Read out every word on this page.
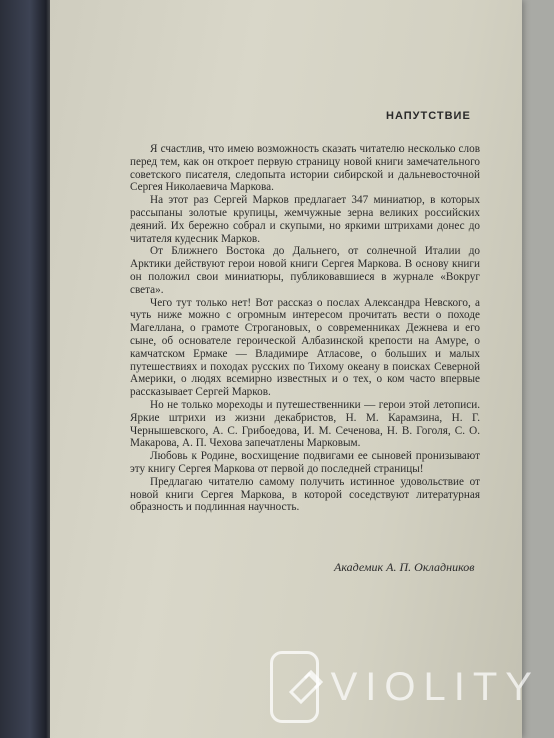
НАПУТСТВИЕ

Я счастлив, что имею возможность сказать читателю несколько слов перед тем, как он откроет первую страницу новой книги замечательного советского писателя, следопыта истории сибирской и дальневосточной Сергея Николаевича Маркова.

На этот раз Сергей Марков предлагает 347 миниатюр, в которых рассыпаны золотые крупицы, жемчужные зерна великих российских деяний. Их бережно собрал и скупыми, но яркими штрихами донес до читателя кудесник Марков.

От Ближнего Востока до Дальнего, от солнечной Италии до Арктики действуют герои новой книги Сергея Маркова. В основу книги он положил свои миниатюры, публиковавшиеся в журнале «Вокруг света».

Чего тут только нет! Вот рассказ о послах Александра Невского, а чуть ниже можно с огромным интересом прочитать вести о походе Магеллана, о грамоте Строгановых, о современниках Дежнева и его сыне, об основателе героической Албазинской крепости на Амуре, о камчатском Ермаке — Владимире Атласове, о больших и малых путешествиях и походах русских по Тихому океану в поисках Северной Америки, о людях всемирно известных и о тех, о ком часто впервые рассказывает Сергей Марков.

Но не только мореходы и путешественники — герои этой летописи. Яркие штрихи из жизни декабристов, Н. М. Карамзина, Н. Г. Чернышевского, А. С. Грибоедова, И. М. Сеченова, Н. В. Гоголя, С. О. Макарова, А. П. Чехова запечатлены Марковым.

Любовь к Родине, восхищение подвигами ее сыновей пронизывают эту книгу Сергея Маркова от первой до последней страницы!

Предлагаю читателю самому получить истинное удовольствие от новой книги Сергея Маркова, в которой соседствуют литературная образность и подлинная научность.

Академик А. П. Окладников
VIOLITY
